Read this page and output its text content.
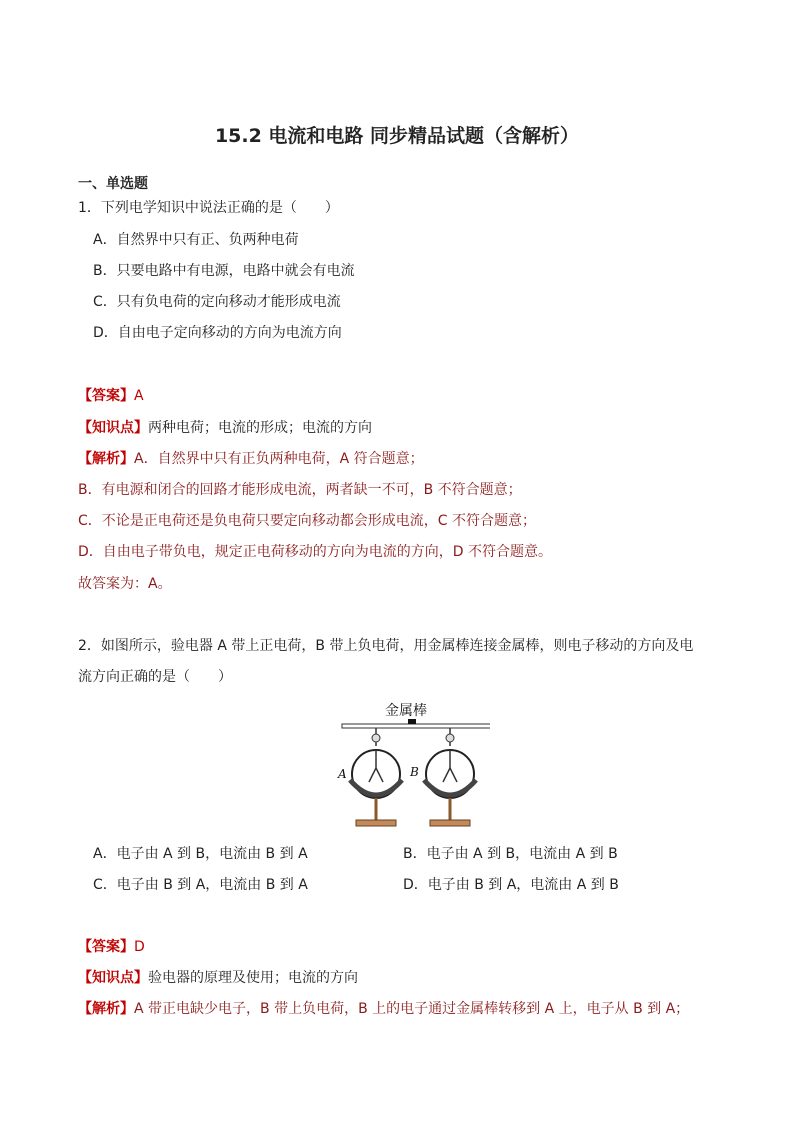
15.2 电流和电路 同步精品试题（含解析）
一、单选题
1．下列电学知识中说法正确的是（　　）
A．自然界中只有正、负两种电荷
B．只要电路中有电源，电路中就会有电流
C．只有负电荷的定向移动才能形成电流
D．自由电子定向移动的方向为电流方向
【答案】A
【知识点】两种电荷；电流的形成；电流的方向
【解析】A．自然界中只有正负两种电荷，A 符合题意；
B．有电源和闭合的回路才能形成电流，两者缺一不可，B 不符合题意；
C．不论是正电荷还是负电荷只要定向移动都会形成电流，C 不符合题意；
D．自由电子带负电，规定正电荷移动的方向为电流的方向，D 不符合题意。
故答案为：A。
2．如图所示，验电器 A 带上正电荷，B 带上负电荷，用金属棒连接金属棒，则电子移动的方向及电
流方向正确的是（　　）
金属棒
A	B
A．电子由 A 到 B，电流由 B 到 A	B．电子由 A 到 B，电流由 A 到 B
C．电子由 B 到 A，电流由 B 到 A	D．电子由 B 到 A，电流由 A 到 B
【答案】D
【知识点】验电器的原理及使用；电流的方向
【解析】A 带正电缺少电子，B 带上负电荷，B 上的电子通过金属棒转移到 A 上，电子从 B 到 A；
